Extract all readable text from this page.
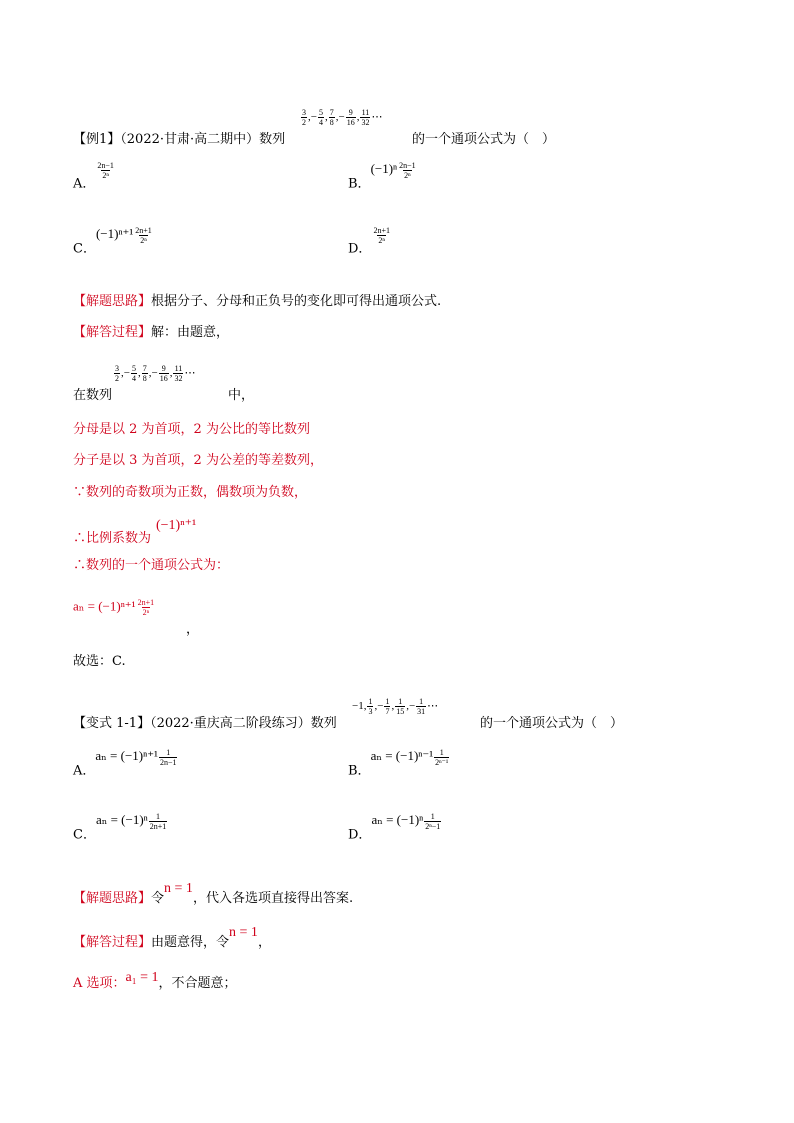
【例1】（2022·甘肃·高二期中）数列
$\frac{3}{2}$ ,− $\frac{5}{4}$ , $\frac{7}{8}$ ,− $\frac{9}{16}$ , $\frac{11}{32}$ ⋯
的一个通项公式为（　）
A．
$\frac{2n-1}{\text{2ⁿ}}$
B．$(-1)^n \frac{2n-1}{\text{2ⁿ}}$
C．$(-1)^{n+1} \frac{2n+1}{\text{2ⁿ}}$
D．
$\frac{2n+1}{\text{2ⁿ}}$
【解题思路】根据分子、分母和正负号的变化即可得出通项公式.
【解答过程】解：由题意，
在数列
$\frac{3}{2}$ ,− $\frac{5}{4}$ , $\frac{7}{8}$ ,− $\frac{9}{16}$ , $\frac{11}{32}$ ⋯
中，
分母是以 2 为首项，2 为公比的等比数列
分子是以 3 为首项，2 为公差的等差数列，
∵数列的奇数项为正数，偶数项为负数，
∴比例系数为
(−1)ⁿ⁺¹
∴数列的一个通项公式为：
$a_n = (-1)^{n+1} \frac{2n+1}{\text{2ⁿ}}$
，
故选：C.
【变式 1-1】（2022·重庆高二阶段练习）数列
−1, $\frac{1}{3}$ ,− $\frac{1}{7}$ , $\frac{1}{15}$ ,− $\frac{1}{31}$ ⋯
的一个通项公式为（　）
A．$a_n = (-1)^{n+1} \frac{1}{2n-1}$
B．$a_n = (-1)^{n-1} \frac{1}{\text{2ⁿ⁻¹}}$
C．$a_n = (-1)^n \frac{1}{2n+1}$
D．$a_n = (-1)^n \frac{1}{\text{2ⁿ−1}}$
【解题思路】令n = 1，代入各选项直接得出答案.
【解答过程】由题意得，令n = 1，
A 选项：a₁ = 1，不合题意；
